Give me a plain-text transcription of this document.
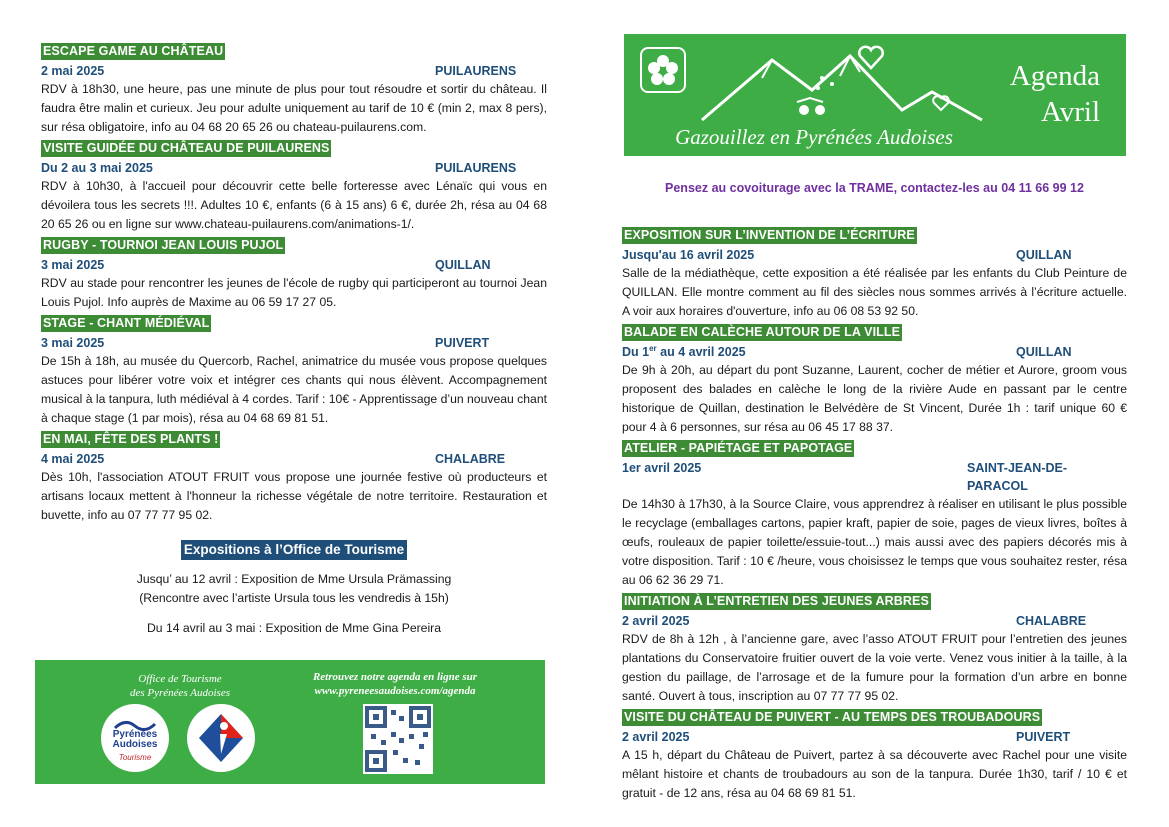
ESCAPE GAME AU CHÂTEAU
2 mai 2025	PUILAURENS
RDV à 18h30, une heure, pas une minute de plus pour tout résoudre et sortir du château. Il faudra être malin et curieux. Jeu pour adulte uniquement au tarif de 10 € (min 2, max 8 pers), sur résa obligatoire, info au 04 68 20 65 26 ou chateau-puilaurens.com.
VISITE GUIDÉE DU CHÂTEAU DE PUILAURENS
Du 2 au 3 mai 2025	PUILAURENS
RDV à 10h30, à l'accueil pour découvrir cette belle forteresse avec Lénaïc qui vous en dévoilera tous les secrets !!!. Adultes 10 €, enfants (6 à 15 ans) 6 €, durée 2h, résa au 04 68 20 65 26 ou en ligne sur www.chateau-puilaurens.com/animations-1/.
RUGBY - TOURNOI JEAN LOUIS PUJOL
3 mai 2025	QUILLAN
RDV au stade pour rencontrer les jeunes de l'école de rugby qui participeront au tournoi Jean Louis Pujol. Info auprès de Maxime au 06 59 17 27 05.
STAGE - CHANT MÉDIÉVAL
3 mai 2025	PUIVERT
De 15h à 18h, au musée du Quercorb, Rachel, animatrice du musée vous propose quelques astuces pour libérer votre voix et intégrer ces chants qui nous élèvent. Accompagnement musical à la tanpura, luth médiéval à 4 cordes. Tarif : 10€ - Apprentissage d’un nouveau chant à chaque stage (1 par mois), résa au 04 68 69 81 51.
EN MAI, FÊTE DES PLANTS !
4 mai 2025	CHALABRE
Dès 10h, l'association ATOUT FRUIT vous propose une journée festive où producteurs et artisans locaux mettent à l'honneur la richesse végétale de notre territoire. Restauration et buvette, info au 07 77 77 95 02.
Expositions à l’Office de Tourisme
Jusqu’ au 12 avril : Exposition de Mme Ursula Prämassing
(Rencontre avec l’artiste Ursula tous les vendredis à 15h)
Du 14 avril au 3 mai : Exposition de Mme Gina Pereira
Office de Tourisme
des Pyrénées Audoises
Pyrénées
Audoises
Tourisme
Retrouvez notre agenda en ligne sur
www.pyreneesaudoises.com/agenda
Gazouillez en Pyrénées Audoises
Agenda
Avril
Pensez au covoiturage avec la TRAME, contactez-les au 04 11 66 99 12
EXPOSITION SUR L’INVENTION DE L’ÉCRITURE
Jusqu'au 16 avril 2025	QUILLAN
Salle de la médiathèque, cette exposition a été réalisée par les enfants du Club Peinture de QUILLAN. Elle montre comment au fil des siècles nous sommes arrivés à l’écriture actuelle. A voir aux horaires d'ouverture, info au 06 08 53 92 50.
BALADE EN CALÈCHE AUTOUR DE LA VILLE
Du 1er au 4 avril 2025	QUILLAN
De 9h à 20h, au départ du pont Suzanne, Laurent, cocher de métier et Aurore, groom vous proposent des balades en calèche le long de la rivière Aude en passant par le centre historique de Quillan, destination le Belvédère de St Vincent, Durée 1h : tarif unique 60 € pour 4 à 6 personnes, sur résa au 06 45 17 88 37.
ATELIER - PAPIÉTAGE ET PAPOTAGE
1er avril 2025	SAINT-JEAN-DE-PARACOL
De 14h30 à 17h30, à la Source Claire, vous apprendrez à réaliser en utilisant le plus possible le recyclage (emballages cartons, papier kraft, papier de soie, pages de vieux livres, boîtes à œufs, rouleaux de papier toilette/essuie-tout...) mais aussi avec des papiers décorés mis à votre disposition. Tarif : 10 € /heure, vous choisissez le temps que vous souhaitez rester, résa au 06 62 36 29 71.
INITIATION À L’ENTRETIEN DES JEUNES ARBRES
2 avril 2025	CHALABRE
RDV de 8h à 12h , à l’ancienne gare, avec l’asso ATOUT FRUIT pour l’entretien des jeunes plantations du Conservatoire fruitier ouvert de la voie verte. Venez vous initier à la taille, à la gestion du paillage, de l’arrosage et de la fumure pour la formation d’un arbre en bonne santé. Ouvert à tous, inscription au 07 77 77 95 02.
VISITE DU CHÂTEAU DE PUIVERT - AU TEMPS DES TROUBADOURS
2 avril 2025	PUIVERT
A 15 h, départ du Château de Puivert, partez à sa découverte avec Rachel pour une visite mêlant histoire et chants de troubadours au son de la tanpura. Durée 1h30, tarif / 10 € et gratuit - de 12 ans, résa au 04 68 69 81 51.
